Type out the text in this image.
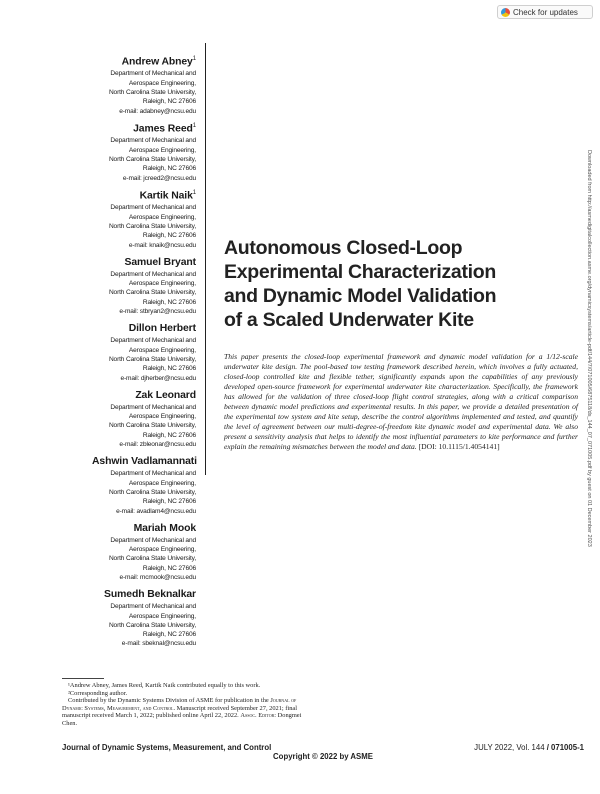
Check for updates
Andrew Abney$^1$
Department of Mechanical and
Aerospace Engineering,
North Carolina State University,
Raleigh, NC 27606
e-mail: adabney@ncsu.edu
James Reed$^1$
Department of Mechanical and
Aerospace Engineering,
North Carolina State University,
Raleigh, NC 27606
e-mail: jcreed2@ncsu.edu
Kartik Naik$^1$
Department of Mechanical and
Aerospace Engineering,
North Carolina State University,
Raleigh, NC 27606
e-mail: knaik@ncsu.edu
Samuel Bryant
Department of Mechanical and
Aerospace Engineering,
North Carolina State University,
Raleigh, NC 27606
e-mail: stbryan2@ncsu.edu
Dillon Herbert
Department of Mechanical and
Aerospace Engineering,
North Carolina State University,
Raleigh, NC 27606
e-mail: djherber@ncsu.edu
Zak Leonard
Department of Mechanical and
Aerospace Engineering,
North Carolina State University,
Raleigh, NC 27606
e-mail: zbleonar@ncsu.edu
Ashwin Vadlamannati
Department of Mechanical and
Aerospace Engineering,
North Carolina State University,
Raleigh, NC 27606
e-mail: avadlam4@ncsu.edu
Mariah Mook
Department of Mechanical and
Aerospace Engineering,
North Carolina State University,
Raleigh, NC 27606
e-mail: mcmook@ncsu.edu
Sumedh Beknalkar
Department of Mechanical and
Aerospace Engineering,
North Carolina State University,
Raleigh, NC 27606
e-mail: sbeknal@ncsu.edu
Autonomous Closed-Loop
Experimental Characterization
and Dynamic Model Validation
of a Scaled Underwater Kite
This paper presents the closed-loop experimental framework and dynamic model validation for a 1/12-scale underwater kite design. The pool-based tow testing framework described herein, which involves a fully actuated, closed-loop controlled kite and flexible tether, significantly expands upon the capabilities of any previously developed open-source framework for experimental underwater kite characterization. Specifically, the framework has allowed for the validation of three closed-loop flight control strategies, along with a critical comparison between dynamic model predictions and experimental results. In this paper, we provide a detailed presentation of the experimental tow system and kite setup, describe the control algorithms implemented and tested, and quantify the level of agreement between our multi-degree-of-freedom kite dynamic model and experimental data. We also present a sensitivity analysis that helps to identify the most influential parameters to kite performance and further explain the remaining mismatches between the model and data. [DOI: 10.1115/1.4054141]	Downloaded from http://asmedigitalcollection.asme.org/dynamicsystems/article-pdf/144/7/071005/6875118/ds_144_07_071005.pdf by guest on 01 December 2023

¹Andrew Abney, James Reed, Kartik Naik contributed equally to this work.

²Corresponding author.

Contributed by the Dynamic Systems Division of ASME for publication in the Journal of Dynamic Systems, Measurement, and Control. Manuscript received September 27, 2021; final manuscript received March 1, 2022; published online April 22, 2022. Assoc. Editor: Dongmei Chen.

Journal of Dynamic Systems, Measurement, and Control	JULY 2022, Vol. 144 / 071005-1
Copyright © 2022 by ASME
